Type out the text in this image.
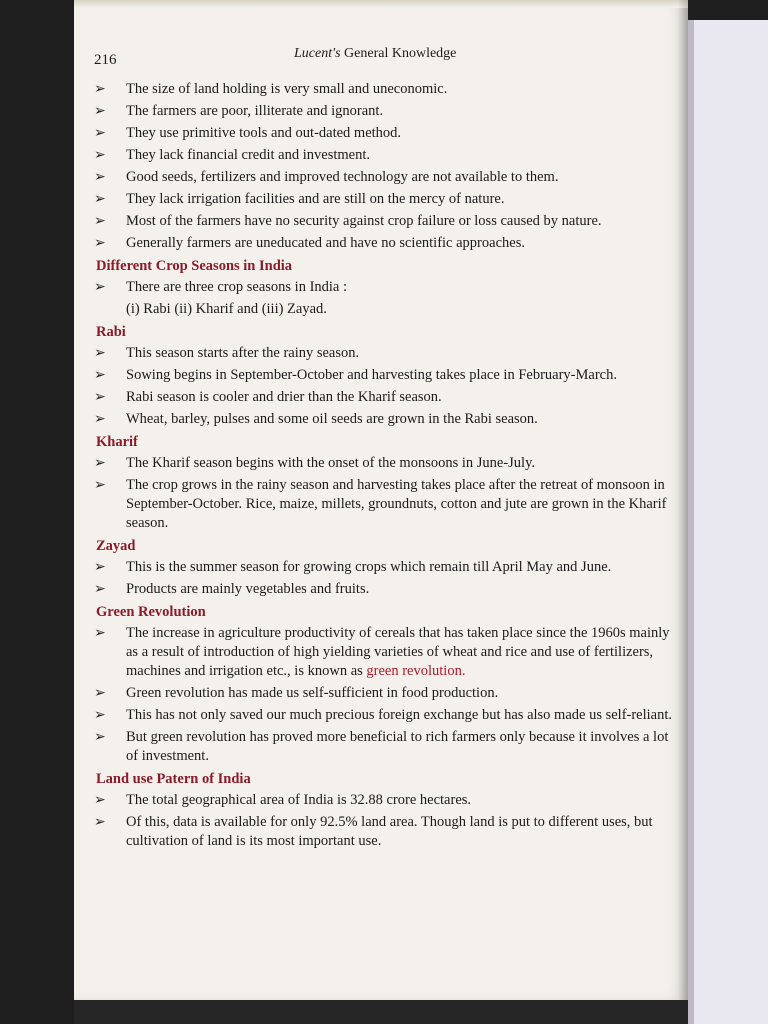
216	Lucent's General Knowledge
➢ The size of land holding is very small and uneconomic.
➢ The farmers are poor, illiterate and ignorant.
➢ They use primitive tools and out-dated method.
➢ They lack financial credit and investment.
➢ Good seeds, fertilizers and improved technology are not available to them.
➢ They lack irrigation facilities and are still on the mercy of nature.
➢ Most of the farmers have no security against crop failure or loss caused by nature.
➢ Generally farmers are uneducated and have no scientific approaches.
Different Crop Seasons in India
➢ There are three crop seasons in India :
(i) Rabi (ii) Kharif and (iii) Zayad.
Rabi
➢ This season starts after the rainy season.
➢ Sowing begins in September-October and harvesting takes place in February-March.
➢ Rabi season is cooler and drier than the Kharif season.
➢ Wheat, barley, pulses and some oil seeds are grown in the Rabi season.
Kharif
➢ The Kharif season begins with the onset of the monsoons in June-July.
➢ The crop grows in the rainy season and harvesting takes place after the retreat of monsoon in September-October. Rice, maize, millets, groundnuts, cotton and jute are grown in the Kharif season.
Zayad
➢ This is the summer season for growing crops which remain till April May and June.
➢ Products are mainly vegetables and fruits.
Green Revolution
➢ The increase in agriculture productivity of cereals that has taken place since the 1960s mainly as a result of introduction of high yielding varieties of wheat and rice and use of fertilizers, machines and irrigation etc., is known as green revolution.
➢ Green revolution has made us self-sufficient in food production.
➢ This has not only saved our much precious foreign exchange but has also made us self-reliant.
➢ But green revolution has proved more beneficial to rich farmers only because it involves a lot of investment.
Land use Patern of India
➢ The total geographical area of India is 32.88 crore hectares.
➢ Of this, data is available for only 92.5% land area. Though land is put to different uses, but cultivation of land is its most important use.
